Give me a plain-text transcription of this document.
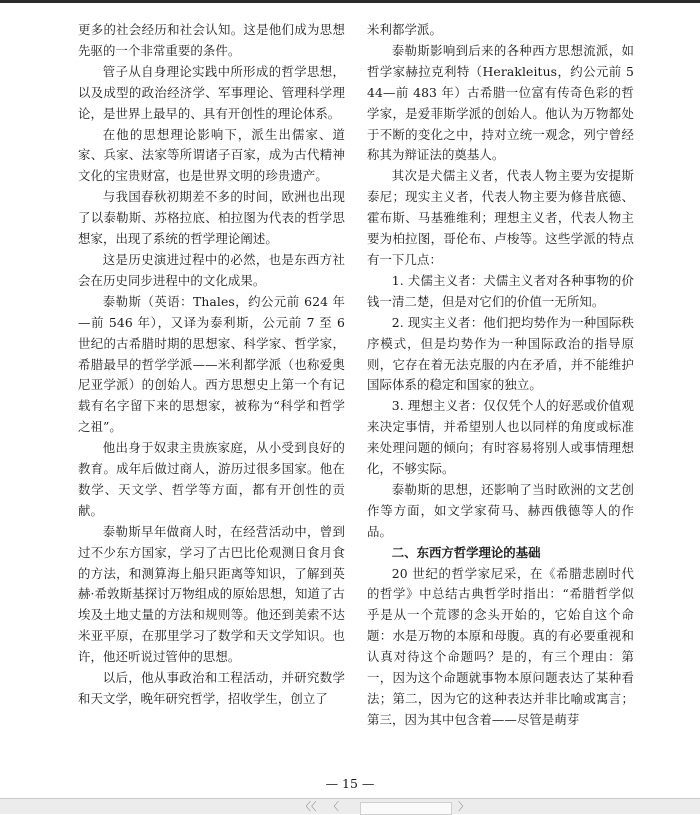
更多的社会经历和社会认知。这是他们成为思想先驱的一个非常重要的条件。

管子从自身理论实践中所形成的哲学思想，以及成型的政治经济学、军事理论、管理科学理论，是世界上最早的、具有开创性的理论体系。

在他的思想理论影响下，派生出儒家、道家、兵家、法家等所谓诸子百家，成为古代精神文化的宝贵财富，也是世界文明的珍贵遗产。

与我国春秋初期差不多的时间，欧洲也出现了以泰勒斯、苏格拉底、柏拉图为代表的哲学思想家，出现了系统的哲学理论阐述。

这是历史演进过程中的必然，也是东西方社会在历史同步进程中的文化成果。

泰勒斯（英语：Thales，约公元前 624 年—前 546 年），又译为泰利斯，公元前 7 至 6 世纪的古希腊时期的思想家、科学家、哲学家，希腊最早的哲学学派——米利都学派（也称爱奥尼亚学派）的创始人。西方思想史上第一个有记载有名字留下来的思想家，被称为“科学和哲学之祖”。

他出身于奴隶主贵族家庭，从小受到良好的教育。成年后做过商人，游历过很多国家。他在数学、天文学、哲学等方面，都有开创性的贡献。

泰勒斯早年做商人时，在经营活动中，曾到过不少东方国家，学习了古巴比伦观测日食月食的方法，和测算海上船只距离等知识，了解到英赫·希敦斯基探讨万物组成的原始思想，知道了古埃及土地丈量的方法和规则等。他还到美索不达米亚平原，在那里学习了数学和天文学知识。也许，他还听说过管仲的思想。

以后，他从事政治和工程活动，并研究数学和天文学，晚年研究哲学，招收学生，创立了

米利都学派。

泰勒斯影响到后来的各种西方思想流派，如哲学家赫拉克利特（Herakleitus，约公元前 544—前 483 年）古希腊一位富有传奇色彩的哲学家，是爱菲斯学派的创始人。他认为万物都处于不断的变化之中，持对立统一观念，列宁曾经称其为辩证法的奠基人。

其次是犬儒主义者，代表人物主要为安提斯泰尼；现实主义者，代表人物主要为修昔底德、霍布斯、马基雅维利；理想主义者，代表人物主要为柏拉图，哥伦布、卢梭等。这些学派的特点有一下几点：

1. 犬儒主义者：犬儒主义者对各种事物的价钱一清二楚，但是对它们的价值一无所知。

2. 现实主义者：他们把均势作为一种国际秩序模式，但是均势作为一种国际政治的指导原则，它存在着无法克服的内在矛盾，并不能维护国际体系的稳定和国家的独立。

3. 理想主义者：仅仅凭个人的好恶或价值观来决定事情，并希望别人也以同样的角度或标准来处理问题的倾向；有时容易将别人或事情理想化，不够实际。

泰勒斯的思想，还影响了当时欧洲的文艺创作等方面，如文学家荷马、赫西俄德等人的作品。

二、东西方哲学理论的基础

20 世纪的哲学家尼采，在《希腊悲剧时代的哲学》中总结古典哲学时指出：“希腊哲学似乎是从一个荒谬的念头开始的，它始自这个命题：水是万物的本原和母腹。真的有必要重视和认真对待这个命题吗？是的，有三个理由：第一，因为这个命题就事物本原问题表达了某种看法；第二，因为它的这种表达并非比喻或寓言；第三，因为其中包含着——尽管是萌芽

— 15 —
〈〈 〈	〉
